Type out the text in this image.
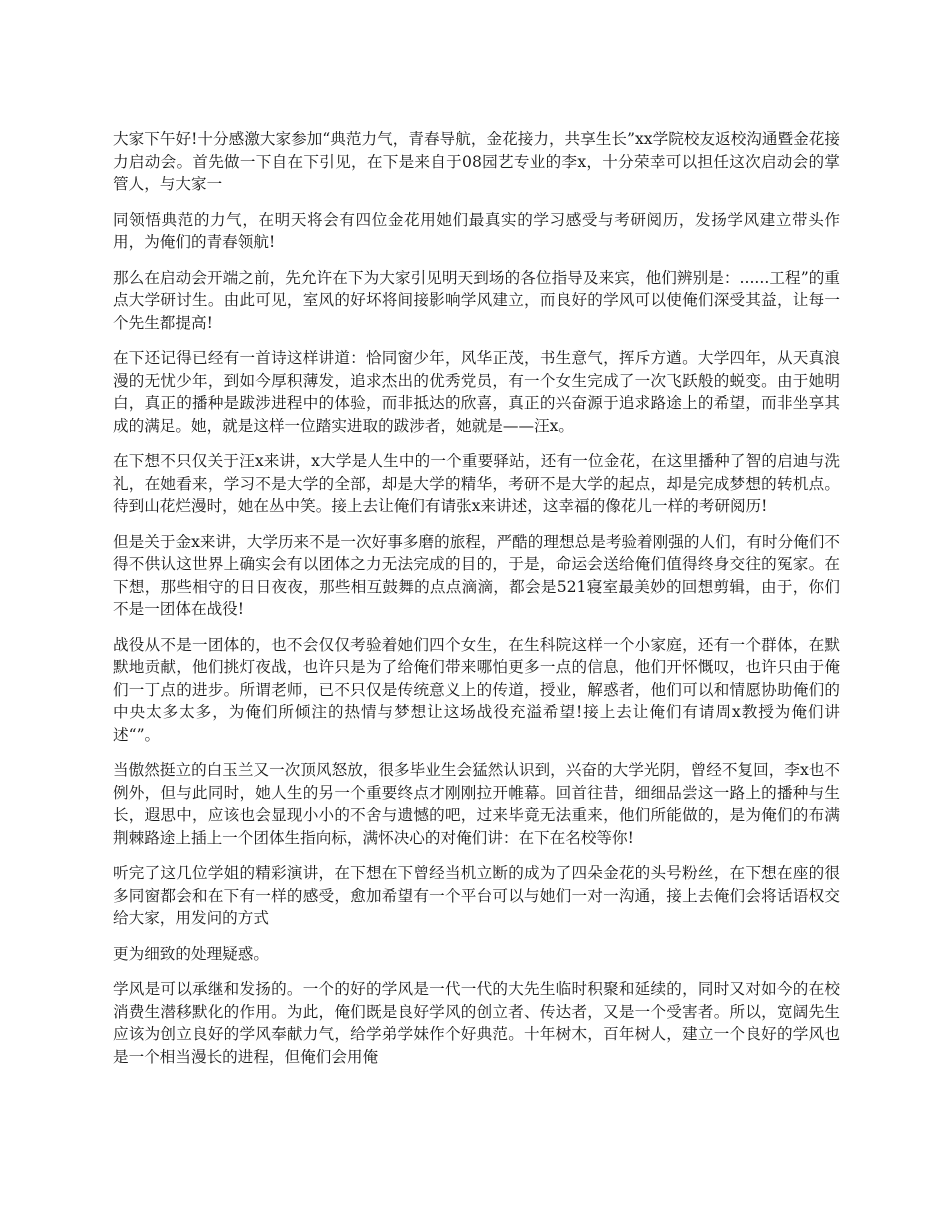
大家下午好!十分感激大家参加“典范力气，青春导航，金花接力，共享生长”xx学院校友返校沟通暨金花接力启动会。首先做一下自在下引见，在下是来自于08园艺专业的李x，十分荣幸可以担任这次启动会的掌管人，与大家一

同领悟典范的力气，在明天将会有四位金花用她们最真实的学习感受与考研阅历，发扬学风建立带头作用，为俺们的青春领航!

那么在启动会开端之前，先允许在下为大家引见明天到场的各位指导及来宾，他们辨别是：......工程”的重点大学研讨生。由此可见，室风的好坏将间接影响学风建立，而良好的学风可以使俺们深受其益，让每一个先生都提高!

在下还记得已经有一首诗这样讲道：恰同窗少年，风华正茂，书生意气，挥斥方遒。大学四年，从天真浪漫的无忧少年，到如今厚积薄发，追求杰出的优秀党员，有一个女生完成了一次飞跃般的蜕变。由于她明白，真正的播种是跋涉进程中的体验，而非抵达的欣喜，真正的兴奋源于追求路途上的希望，而非坐享其成的满足。她，就是这样一位踏实进取的跋涉者，她就是——汪x。

在下想不只仅关于汪x来讲，x大学是人生中的一个重要驿站，还有一位金花，在这里播种了智的启迪与洗礼，在她看来，学习不是大学的全部，却是大学的精华，考研不是大学的起点，却是完成梦想的转机点。待到山花烂漫时，她在丛中笑。接上去让俺们有请张x来讲述，这幸福的像花儿一样的考研阅历!

但是关于金x来讲，大学历来不是一次好事多磨的旅程，严酷的理想总是考验着刚强的人们，有时分俺们不得不供认这世界上确实会有以团体之力无法完成的目的，于是，命运会送给俺们值得终身交往的冤家。在下想，那些相守的日日夜夜，那些相互鼓舞的点点滴滴，都会是521寝室最美妙的回想剪辑，由于，你们不是一团体在战役!

战役从不是一团体的，也不会仅仅考验着她们四个女生，在生科院这样一个小家庭，还有一个群体，在默默地贡献，他们挑灯夜战，也许只是为了给俺们带来哪怕更多一点的信息，他们开怀慨叹，也许只由于俺们一丁点的进步。所谓老师，已不只仅是传统意义上的传道，授业，解惑者，他们可以和情愿协助俺们的中央太多太多，为俺们所倾注的热情与梦想让这场战役充溢希望!接上去让俺们有请周x教授为俺们讲述“”。

当傲然挺立的白玉兰又一次顶风怒放，很多毕业生会猛然认识到，兴奋的大学光阴，曾经不复回，李x也不例外，但与此同时，她人生的另一个重要终点才刚刚拉开帷幕。回首往昔，细细品尝这一路上的播种与生长，遐思中，应该也会显现小小的不舍与遗憾的吧，过来毕竟无法重来，他们所能做的，是为俺们的布满荆棘路途上插上一个团体生指向标，满怀决心的对俺们讲：在下在名校等你!

听完了这几位学姐的精彩演讲，在下想在下曾经当机立断的成为了四朵金花的头号粉丝，在下想在座的很多同窗都会和在下有一样的感受，愈加希望有一个平台可以与她们一对一沟通，接上去俺们会将话语权交给大家，用发问的方式

更为细致的处理疑惑。

学风是可以承继和发扬的。一个的好的学风是一代一代的大先生临时积聚和延续的，同时又对如今的在校消费生潜移默化的作用。为此，俺们既是良好学风的创立者、传达者，又是一个受害者。所以，宽阔先生应该为创立良好的学风奉献力气，给学弟学妹作个好典范。十年树木，百年树人，建立一个良好的学风也是一个相当漫长的进程，但俺们会用俺
